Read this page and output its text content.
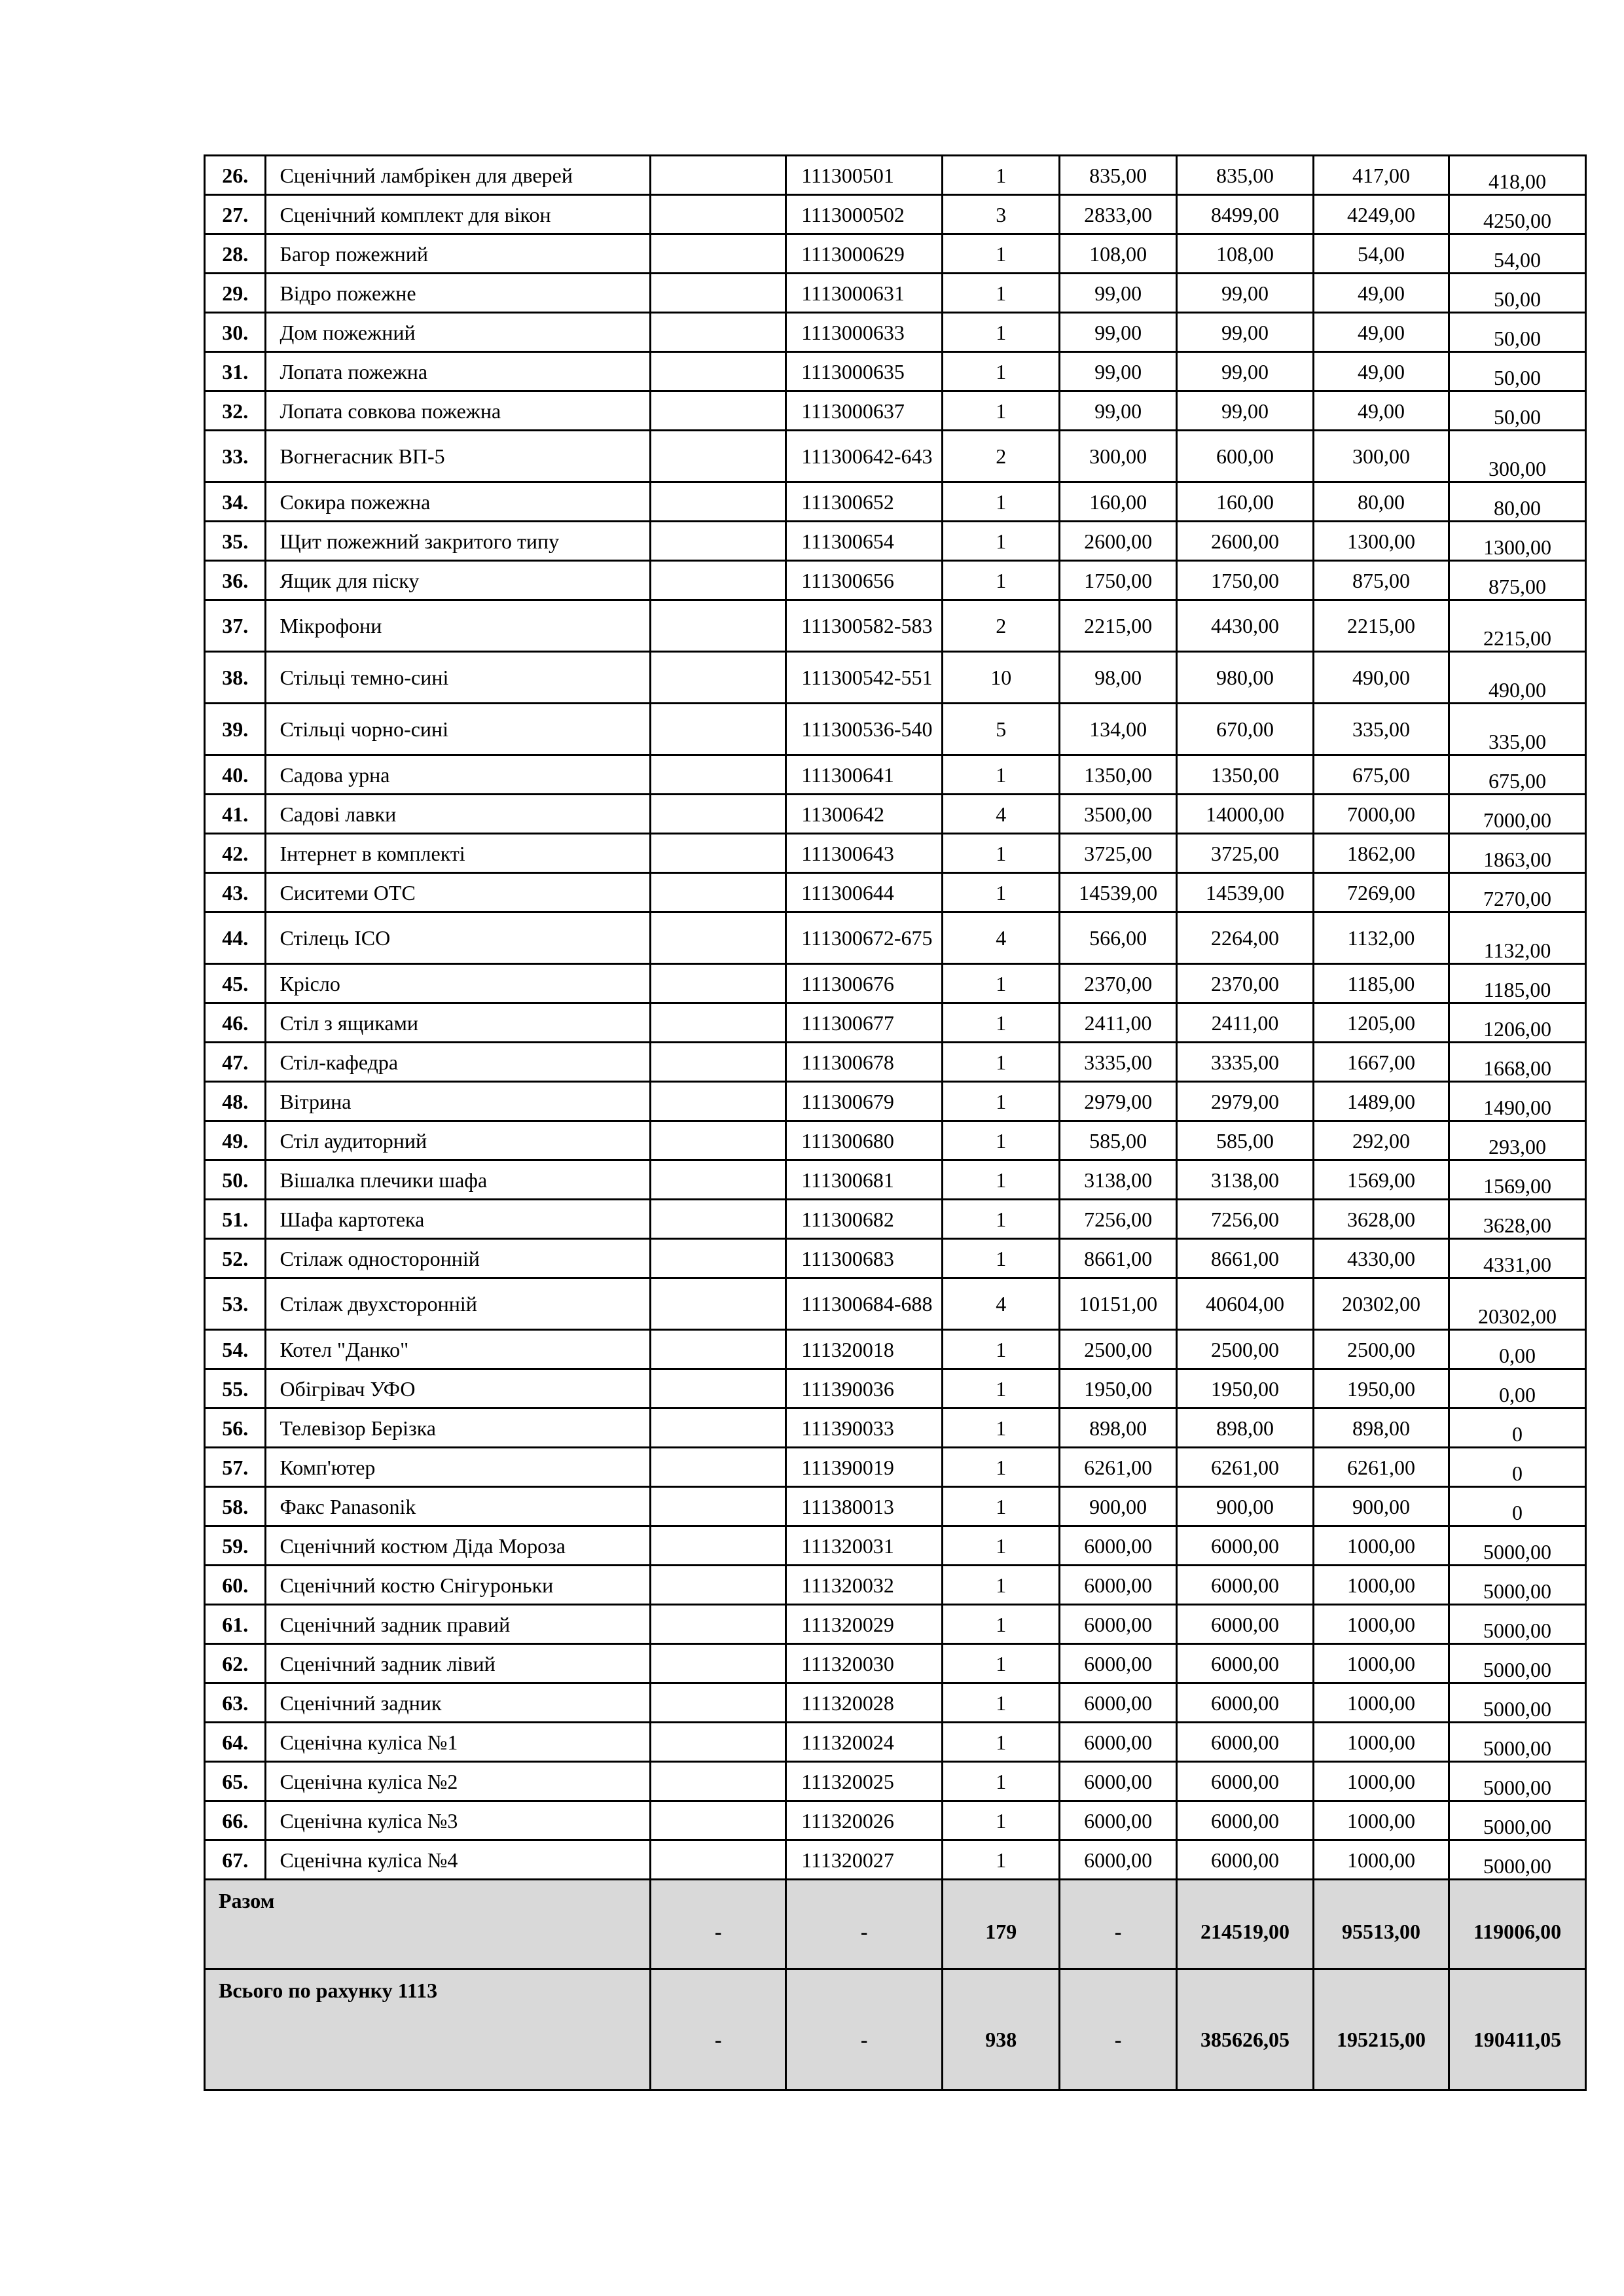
26.	Сценічний ламбрікен для дверей		111300501	1	835,00	835,00	417,00	418,00
27.	Сценічний комплект для вікон		1113000502	3	2833,00	8499,00	4249,00	4250,00
28.	Багор пожежний		1113000629	1	108,00	108,00	54,00	54,00
29.	Відро пожежне		1113000631	1	99,00	99,00	49,00	50,00
30.	Дом пожежний		1113000633	1	99,00	99,00	49,00	50,00
31.	Лопата пожежна		1113000635	1	99,00	99,00	49,00	50,00
32.	Лопата совкова пожежна		1113000637	1	99,00	99,00	49,00	50,00
33.	Вогнегасник ВП-5		111300642-643	2	300,00	600,00	300,00	300,00
34.	Сокира пожежна		111300652	1	160,00	160,00	80,00	80,00
35.	Щит пожежний закритого типу		111300654	1	2600,00	2600,00	1300,00	1300,00
36.	Ящик для піску		111300656	1	1750,00	1750,00	875,00	875,00
37.	Мікрофони		111300582-583	2	2215,00	4430,00	2215,00	2215,00
38.	Стільці темно-сині		111300542-551	10	98,00	980,00	490,00	490,00
39.	Стільці чорно-сині		111300536-540	5	134,00	670,00	335,00	335,00
40.	Садова урна		111300641	1	1350,00	1350,00	675,00	675,00
41.	Садові лавки		11300642	4	3500,00	14000,00	7000,00	7000,00
42.	Інтернет в комплекті		111300643	1	3725,00	3725,00	1862,00	1863,00
43.	Сиситеми ОТС		111300644	1	14539,00	14539,00	7269,00	7270,00
44.	Стілець ІСО		111300672-675	4	566,00	2264,00	1132,00	1132,00
45.	Крісло		111300676	1	2370,00	2370,00	1185,00	1185,00
46.	Стіл з ящиками		111300677	1	2411,00	2411,00	1205,00	1206,00
47.	Стіл-кафедра		111300678	1	3335,00	3335,00	1667,00	1668,00
48.	Вітрина		111300679	1	2979,00	2979,00	1489,00	1490,00
49.	Стіл аудиторний		111300680	1	585,00	585,00	292,00	293,00
50.	Вішалка плечики шафа		111300681	1	3138,00	3138,00	1569,00	1569,00
51.	Шафа картотека		111300682	1	7256,00	7256,00	3628,00	3628,00
52.	Стілаж односторонній		111300683	1	8661,00	8661,00	4330,00	4331,00
53.	Стілаж двухсторонній		111300684-688	4	10151,00	40604,00	20302,00	20302,00
54.	Котел "Данко"		111320018	1	2500,00	2500,00	2500,00	0,00
55.	Обігрівач УФО		111390036	1	1950,00	1950,00	1950,00	0,00
56.	Телевізор Берізка		111390033	1	898,00	898,00	898,00	0
57.	Комп'ютер		111390019	1	6261,00	6261,00	6261,00	0
58.	Факс Panasonik		111380013	1	900,00	900,00	900,00	0
59.	Сценічний костюм Діда Мороза		111320031	1	6000,00	6000,00	1000,00	5000,00
60.	Сценічний костю Снігуроньки		111320032	1	6000,00	6000,00	1000,00	5000,00
61.	Сценічний задник правий		111320029	1	6000,00	6000,00	1000,00	5000,00
62.	Сценічний задник лівий		111320030	1	6000,00	6000,00	1000,00	5000,00
63.	Сценічний задник		111320028	1	6000,00	6000,00	1000,00	5000,00
64.	Сценічна куліса №1		111320024	1	6000,00	6000,00	1000,00	5000,00
65.	Сценічна куліса №2		111320025	1	6000,00	6000,00	1000,00	5000,00
66.	Сценічна куліса №3		111320026	1	6000,00	6000,00	1000,00	5000,00
67.	Сценічна куліса №4		111320027	1	6000,00	6000,00	1000,00	5000,00
Разом		-	-	179	-	214519,00	95513,00	119006,00
Всього по рахунку 1113		-	-	938	-	385626,05	195215,00	190411,05
